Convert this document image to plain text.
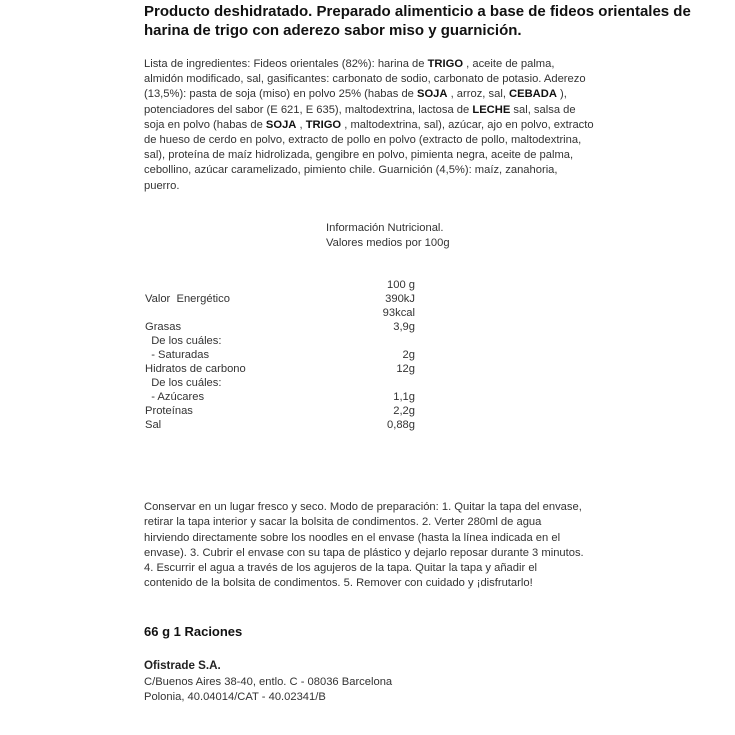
Producto deshidratado. Preparado alimenticio a base de fideos orientales de harina de trigo con aderezo sabor miso y guarnición.
Lista de ingredientes: Fideos orientales (82%): harina de TRIGO , aceite de palma, almidón modificado, sal, gasificantes: carbonato de sodio, carbonato de potasio. Aderezo (13,5%): pasta de soja (miso) en polvo 25% (habas de SOJA , arroz, sal, CEBADA ), potenciadores del sabor (E 621, E 635), maltodextrina, lactosa de LECHE sal, salsa de soja en polvo (habas de SOJA , TRIGO , maltodextrina, sal), azúcar, ajo en polvo, extracto de hueso de cerdo en polvo, extracto de pollo en polvo (extracto de pollo, maltodextrina, sal), proteína de maíz hidrolizada, gengibre en polvo, pimienta negra, aceite de palma, cebollino, azúcar caramelizado, pimiento chile. Guarnición (4,5%): maíz, zanahoria, puerro.
Información Nutricional.
Valores medios por 100g
100 g
Valor  Energético	390kJ
93kcal
Grasas	3,9g
De los cuáles:
- Saturadas	2g
Hidratos de carbono	12g
De los cuáles:
- Azúcares	1,1g
Proteínas	2,2g
Sal	0,88g
Conservar en un lugar fresco y seco. Modo de preparación: 1. Quitar la tapa del envase, retirar la tapa interior y sacar la bolsita de condimentos. 2. Verter 280ml de agua hirviendo directamente sobre los noodles en el envase (hasta la línea indicada en el envase). 3. Cubrir el envase con su tapa de plástico y dejarlo reposar durante 3 minutos. 4. Escurrir el agua a través de los agujeros de la tapa. Quitar la tapa y añadir el contenido de la bolsita de condimentos. 5. Remover con cuidado y ¡disfrutarlo!
66 g 1 Raciones
Ofistrade S.A.
C/Buenos Aires 38-40, entlo. C - 08036 Barcelona
Polonia, 40.04014/CAT - 40.02341/B
